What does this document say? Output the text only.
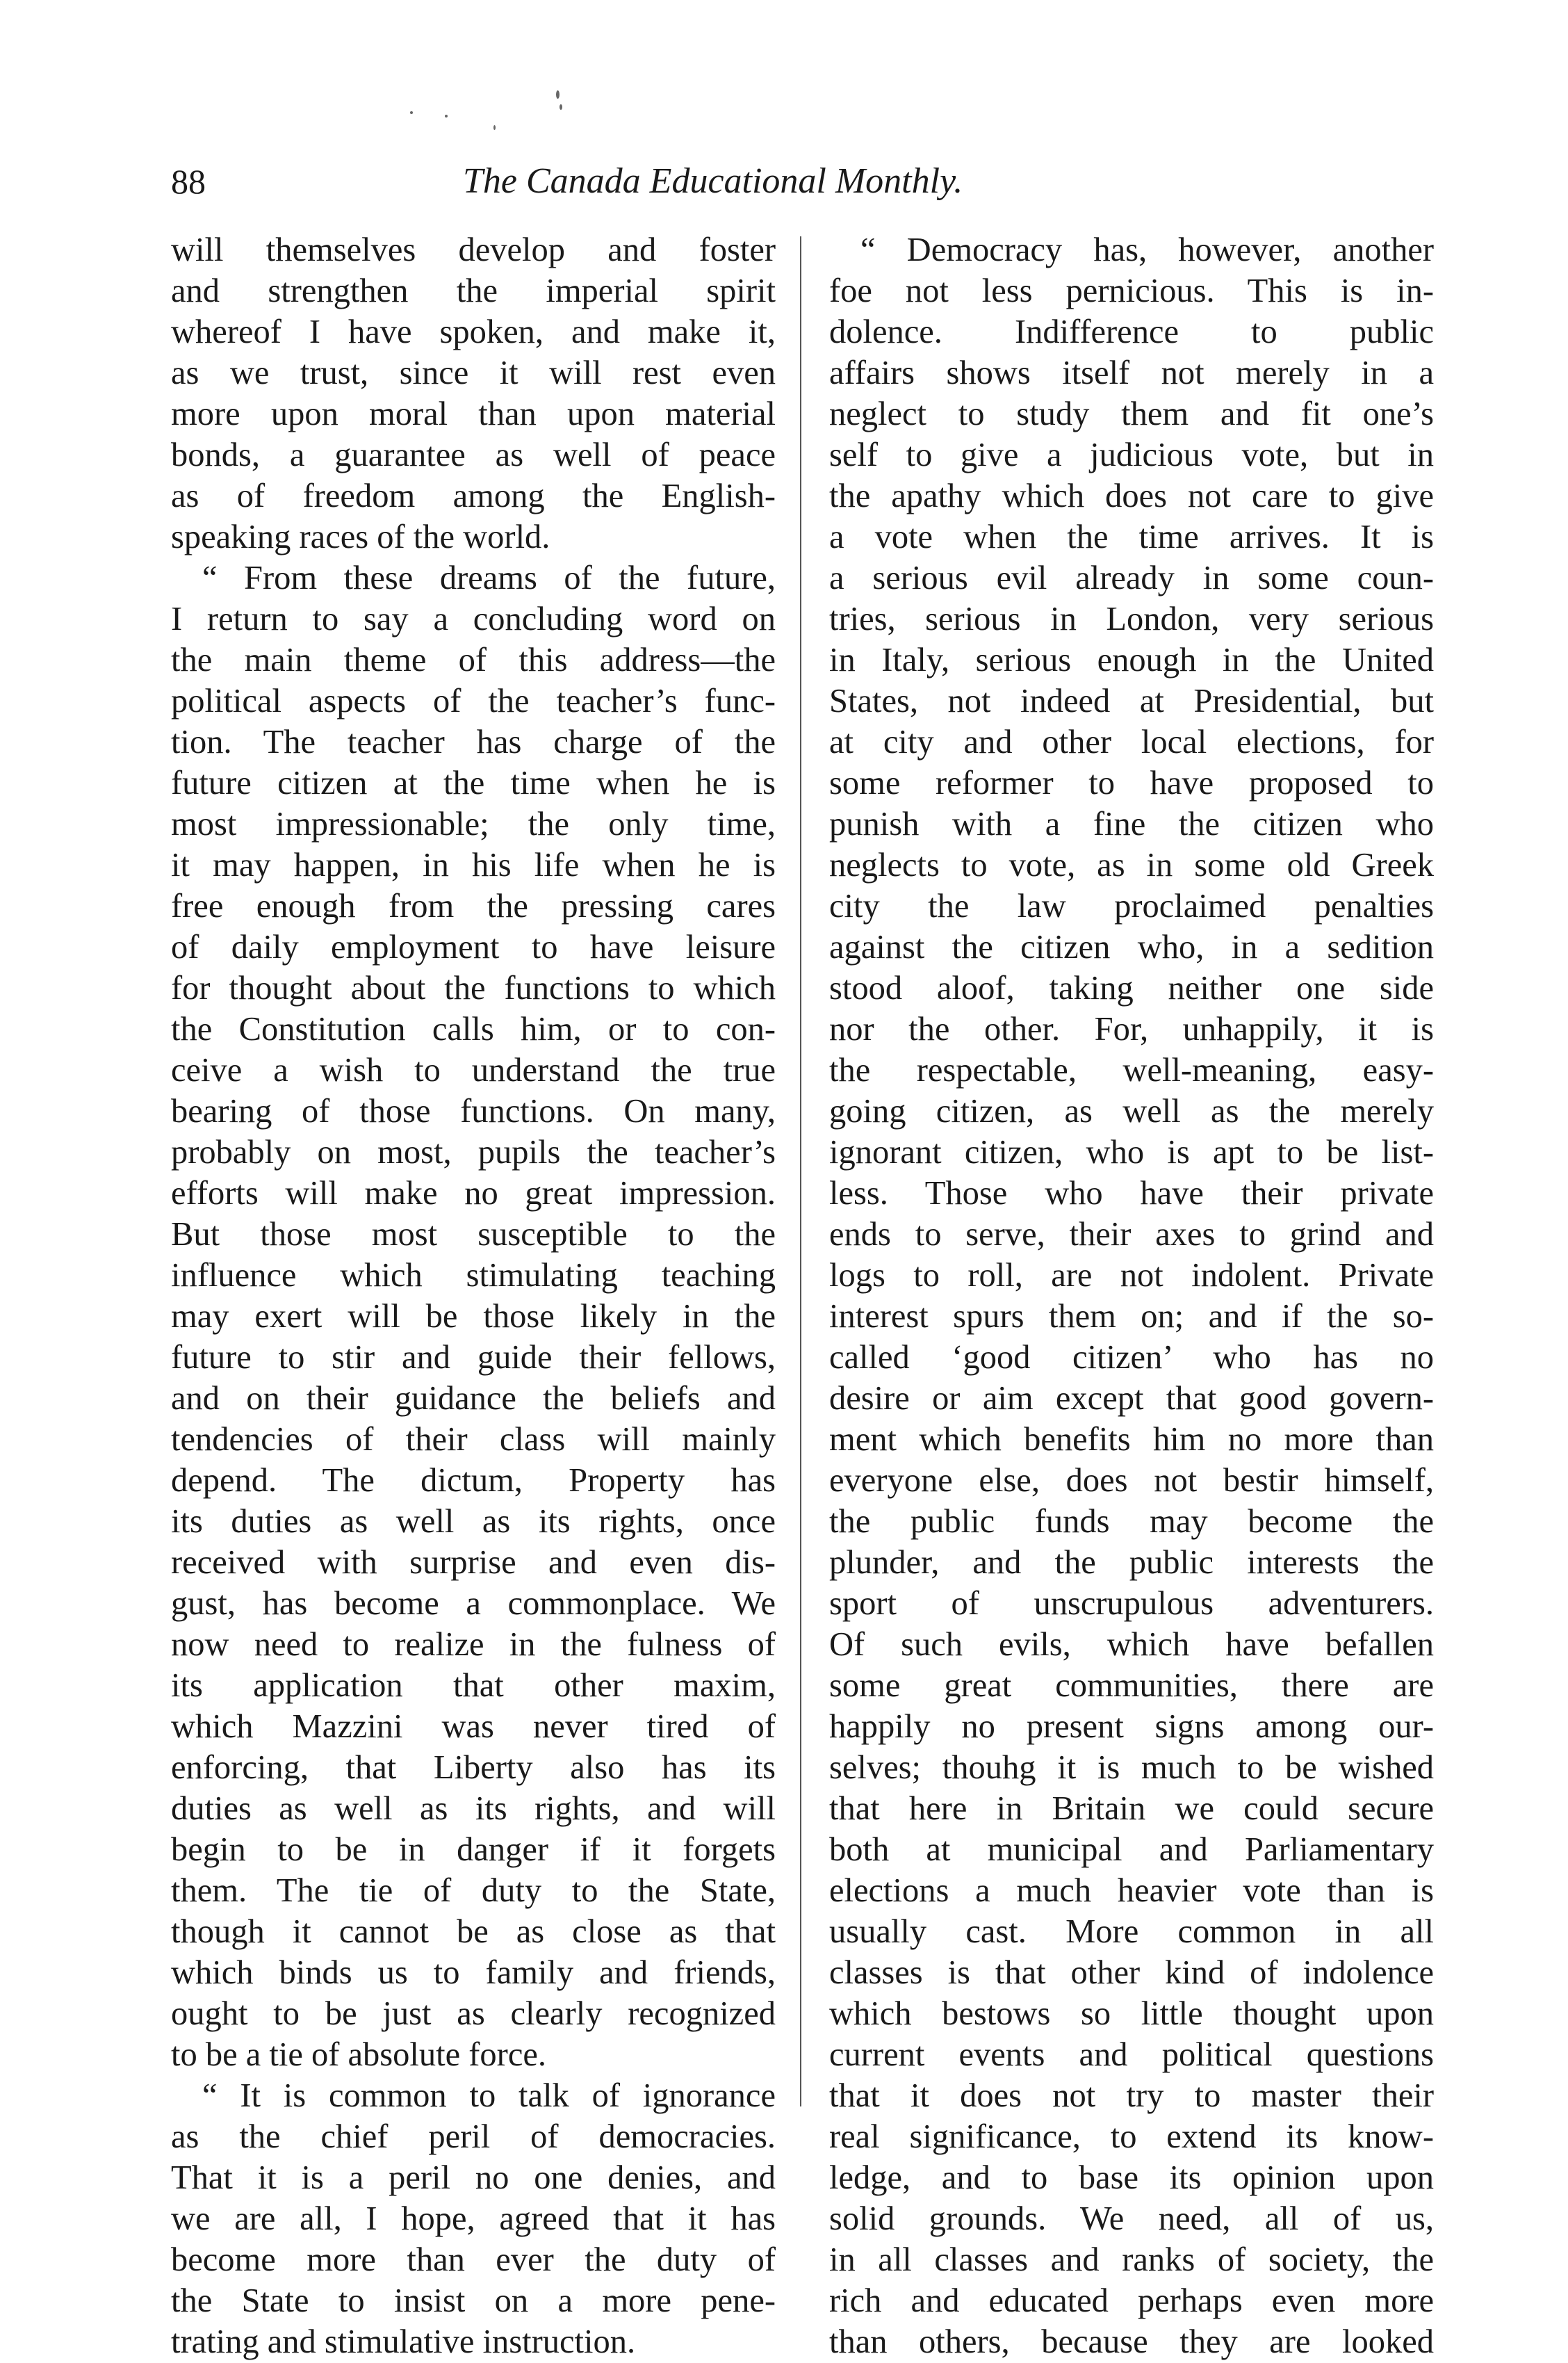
88	The Canada Educational Monthly.
will themselves develop and foster
and strengthen the imperial spirit
whereof I have spoken, and make it,
as we trust, since it will rest even
more upon moral than upon material
bonds, a guarantee as well of peace
as of freedom among the English-
speaking races of the world.
“ From these dreams of the future,
I return to say a concluding word on
the main theme of this address—the
political aspects of the teacher’s func-
tion. The teacher has charge of the
future citizen at the time when he is
most impressionable; the only time,
it may happen, in his life when he is
free enough from the pressing cares
of daily employment to have leisure
for thought about the functions to which
the Constitution calls him, or to con-
ceive a wish to understand the true
bearing of those functions. On many,
probably on most, pupils the teacher’s
efforts will make no great impression.
But those most susceptible to the
influence which stimulating teaching
may exert will be those likely in the
future to stir and guide their fellows,
and on their guidance the beliefs and
tendencies of their class will mainly
depend. The dictum, Property has
its duties as well as its rights, once
received with surprise and even dis-
gust, has become a commonplace. We
now need to realize in the fulness of
its application that other maxim,
which Mazzini was never tired of
enforcing, that Liberty also has its
duties as well as its rights, and will
begin to be in danger if it forgets
them. The tie of duty to the State,
though it cannot be as close as that
which binds us to family and friends,
ought to be just as clearly recognized
to be a tie of absolute force.
“ It is common to talk of ignorance
as the chief peril of democracies.
That it is a peril no one denies, and
we are all, I hope, agreed that it has
become more than ever the duty of
the State to insist on a more pene-
trating and stimulative instruction.
“ Democracy has, however, another
foe not less pernicious. This is in-
dolence. Indifference to public
affairs shows itself not merely in a
neglect to study them and fit one’s
self to give a judicious vote, but in
the apathy which does not care to give
a vote when the time arrives. It is
a serious evil already in some coun-
tries, serious in London, very serious
in Italy, serious enough in the United
States, not indeed at Presidential, but
at city and other local elections, for
some reformer to have proposed to
punish with a fine the citizen who
neglects to vote, as in some old Greek
city the law proclaimed penalties
against the citizen who, in a sedition
stood aloof, taking neither one side
nor the other. For, unhappily, it is
the respectable, well-meaning, easy-
going citizen, as well as the merely
ignorant citizen, who is apt to be list-
less. Those who have their private
ends to serve, their axes to grind and
logs to roll, are not indolent. Private
interest spurs them on; and if the so-
called ‘good citizen’ who has no
desire or aim except that good govern-
ment which benefits him no more than
everyone else, does not bestir himself,
the public funds may become the
plunder, and the public interests the
sport of unscrupulous adventurers.
Of such evils, which have befallen
some great communities, there are
happily no present signs among our-
selves; thouhg it is much to be wished
that here in Britain we could secure
both at municipal and Parliamentary
elections a much heavier vote than is
usually cast. More common in all
classes is that other kind of indolence
which bestows so little thought upon
current events and political questions
that it does not try to master their
real significance, to extend its know-
ledge, and to base its opinion upon
solid grounds. We need, all of us,
in all classes and ranks of society, the
rich and educated perhaps even more
than others, because they are looked
